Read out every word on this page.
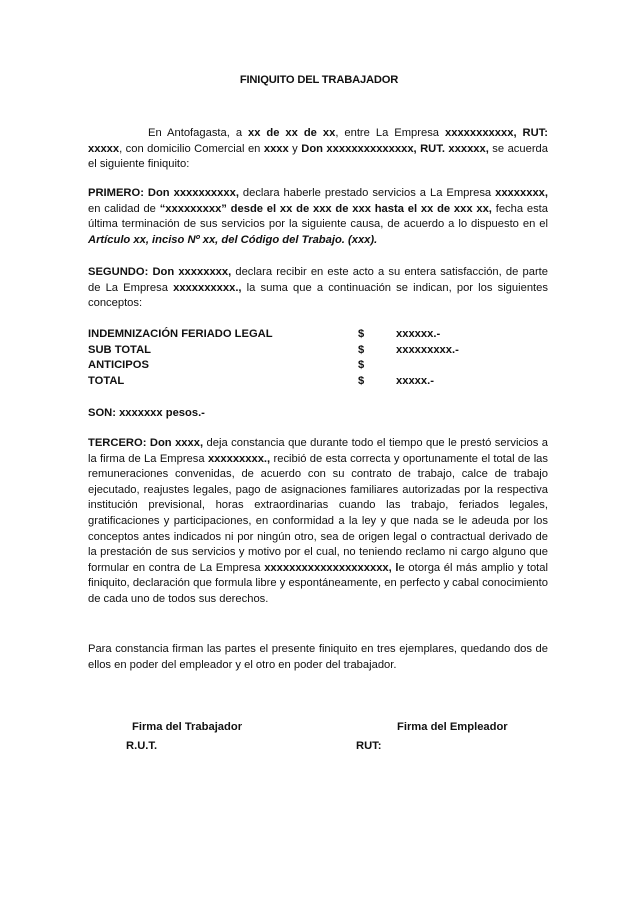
FINIQUITO DEL TRABAJADOR

En Antofagasta, a xx de xx de xx, entre La Empresa xxxxxxxxxxx, RUT: xxxxx, con domicilio Comercial en xxxx y Don xxxxxxxxxxxxxx, RUT. xxxxxx, se acuerda el siguiente finiquito:

PRIMERO: Don xxxxxxxxxx, declara haberle prestado servicios a La Empresa xxxxxxxx, en calidad de “xxxxxxxxx” desde el xx de xxx de xxx hasta el xx de xxx xx, fecha esta última terminación de sus servicios por la siguiente causa, de acuerdo a lo dispuesto en el Artículo xx, inciso Nº xx, del Código del Trabajo. (xxx).

SEGUNDO: Don xxxxxxxx, declara recibir en este acto a su entera satisfacción, de parte de La Empresa xxxxxxxxxx., la suma que a continuación se indican, por los siguientes conceptos:

INDEMNIZACIÓN FERIADO LEGAL	$	xxxxxx.-
SUB TOTAL	$	xxxxxxxxx.-
ANTICIPOS	$
TOTAL	$	xxxxx.-
SON: xxxxxxx pesos.-

TERCERO: Don xxxx, deja constancia que durante todo el tiempo que le prestó servicios a la firma de La Empresa xxxxxxxxx., recibió de esta correcta y oportunamente el total de las remuneraciones convenidas, de acuerdo con su contrato de trabajo, calce de trabajo ejecutado, reajustes legales, pago de asignaciones familiares autorizadas por la respectiva institución previsional, horas extraordinarias cuando las trabajo, feriados legales, gratificaciones y participaciones, en conformidad a la ley y que nada se le adeuda por los conceptos antes indicados ni por ningún otro, sea de origen legal o contractual derivado de la prestación de sus servicios y motivo por el cual, no teniendo reclamo ni cargo alguno que formular en contra de La Empresa xxxxxxxxxxxxxxxxxxxx, le otorga él más amplio y total finiquito, declaración que formula libre y espontáneamente, en perfecto y cabal conocimiento de cada uno de todos sus derechos.

Para constancia firman las partes el presente finiquito en tres ejemplares, quedando dos de ellos en poder del empleador y el otro en poder del trabajador.

Firma del Trabajador
R.U.T.
Firma del Empleador
RUT:
